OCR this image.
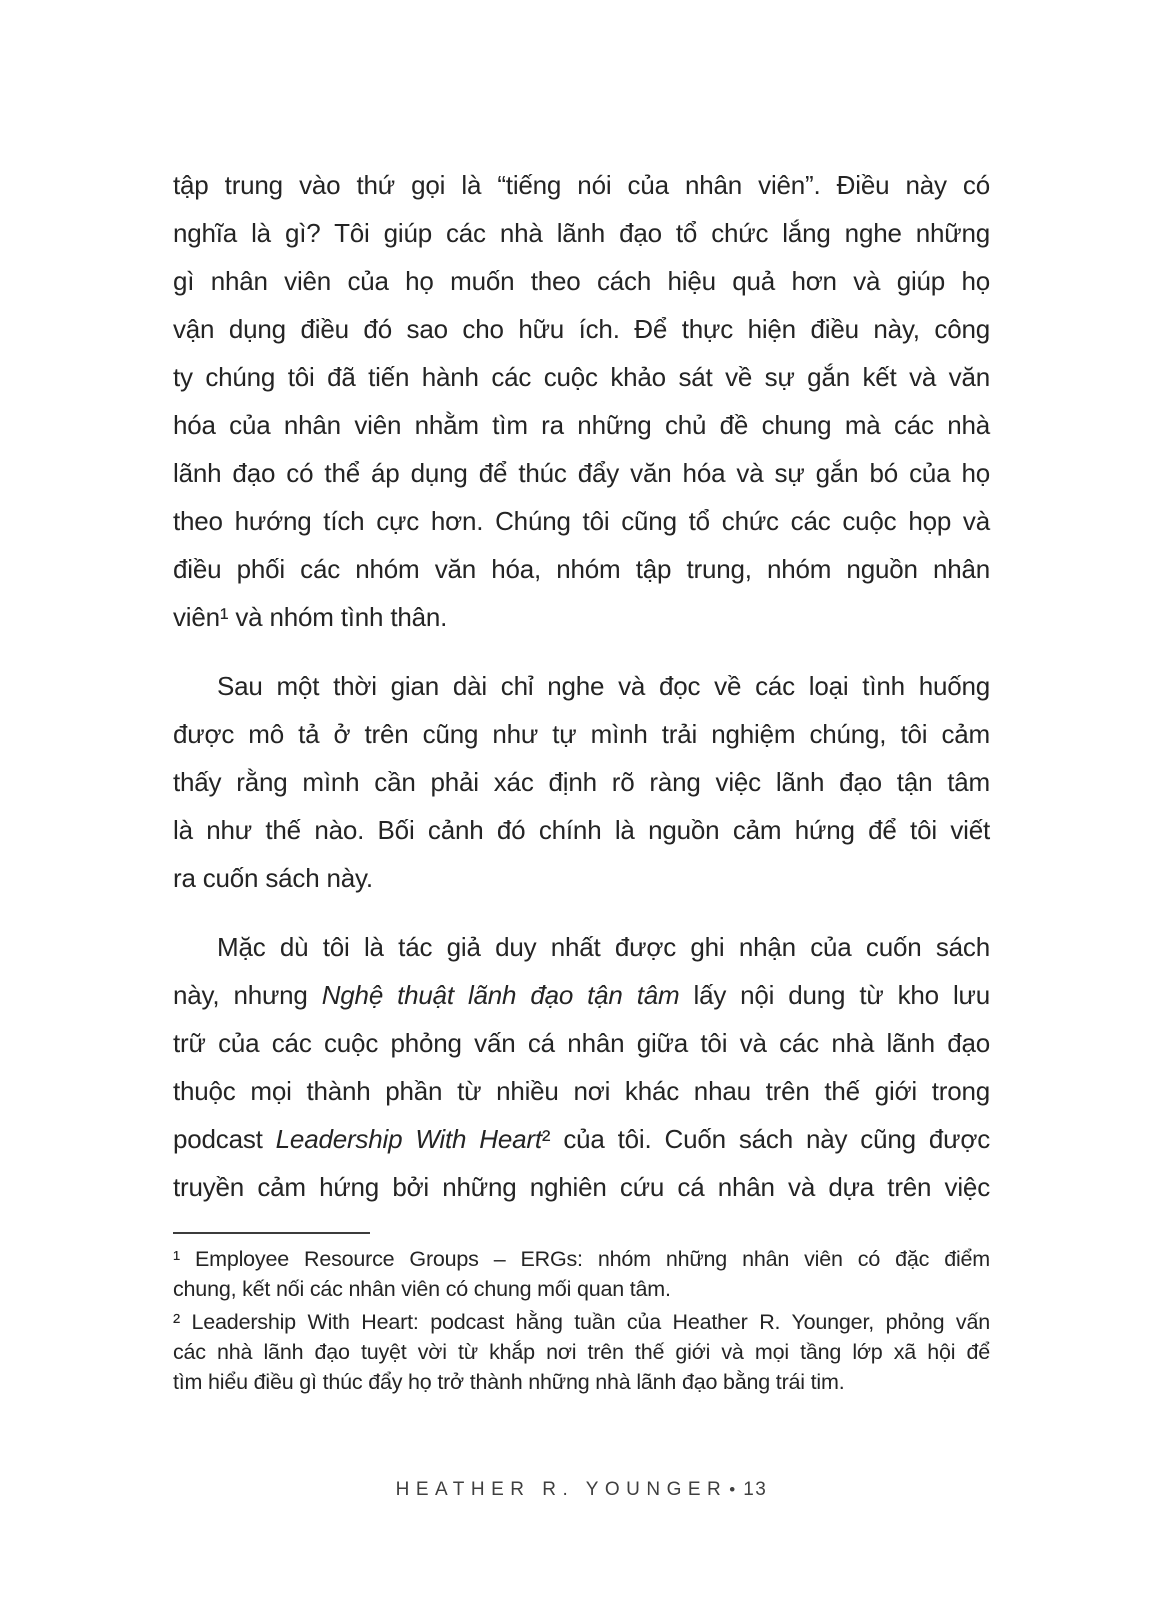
tập trung vào thứ gọi là “tiếng nói của nhân viên”. Điều này có
nghĩa là gì? Tôi giúp các nhà lãnh đạo tổ chức lắng nghe những
gì nhân viên của họ muốn theo cách hiệu quả hơn và giúp họ
vận dụng điều đó sao cho hữu ích. Để thực hiện điều này, công
ty chúng tôi đã tiến hành các cuộc khảo sát về sự gắn kết và văn
hóa của nhân viên nhằm tìm ra những chủ đề chung mà các nhà
lãnh đạo có thể áp dụng để thúc đẩy văn hóa và sự gắn bó của họ
theo hướng tích cực hơn. Chúng tôi cũng tổ chức các cuộc họp và
điều phối các nhóm văn hóa, nhóm tập trung, nhóm nguồn nhân
viên¹ và nhóm tình thân.
Sau một thời gian dài chỉ nghe và đọc về các loại tình huống
được mô tả ở trên cũng như tự mình trải nghiệm chúng, tôi cảm
thấy rằng mình cần phải xác định rõ ràng việc lãnh đạo tận tâm
là như thế nào. Bối cảnh đó chính là nguồn cảm hứng để tôi viết
ra cuốn sách này.
Mặc dù tôi là tác giả duy nhất được ghi nhận của cuốn sách
này, nhưng Nghệ thuật lãnh đạo tận tâm lấy nội dung từ kho lưu
trữ của các cuộc phỏng vấn cá nhân giữa tôi và các nhà lãnh đạo
thuộc mọi thành phần từ nhiều nơi khác nhau trên thế giới trong
podcast Leadership With Heart² của tôi. Cuốn sách này cũng được
truyền cảm hứng bởi những nghiên cứu cá nhân và dựa trên việc
¹ Employee Resource Groups – ERGs: nhóm những nhân viên có đặc điểm
chung, kết nối các nhân viên có chung mối quan tâm.
² Leadership With Heart: podcast hằng tuần của Heather R. Younger, phỏng vấn
các nhà lãnh đạo tuyệt vời từ khắp nơi trên thế giới và mọi tầng lớp xã hội để
tìm hiểu điều gì thúc đẩy họ trở thành những nhà lãnh đạo bằng trái tim.
HEATHER R. YOUNGER • 13
